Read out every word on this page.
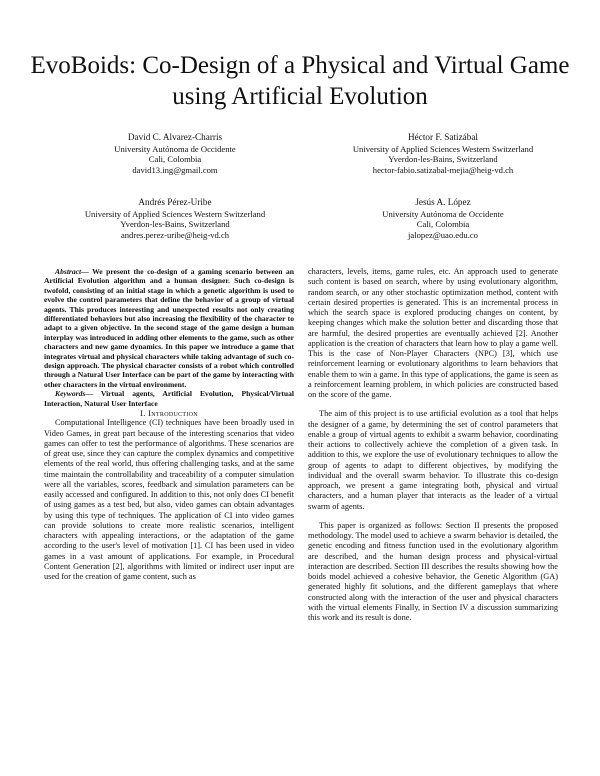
EvoBoids: Co-Design of a Physical and Virtual Game
using Artificial Evolution
David C. Alvarez-Charris
University Autónoma de Occidente
Cali, Colombia
david13.ing@gmail.com
Héctor F. Satizábal
University of Applied Sciences Western Switzerland
Yverdon-les-Bains, Switzerland
hector-fabio.satizabal-mejia@heig-vd.ch
Andrés Pérez-Uribe
University of Applied Sciences Western Switzerland
Yverdon-les-Bains, Switzerland
andres.perez-uribe@heig-vd.ch
Jesús A. López
University Autónoma de Occidente
Cali, Colombia
jalopez@uao.edu.co

Abstract— We present the co-design of a gaming scenario between an Artificial Evolution algorithm and a human designer. Such co-design is twofold, consisting of an initial stage in which a genetic algorithm is used to evolve the control parameters that define the behavior of a group of virtual agents. This produces interesting and unexpected results not only creating differentiated behaviors but also increasing the flexibility of the character to adapt to a given objective. In the second stage of the game design a human interplay was introduced in adding other elements to the game, such as other characters and new game dynamics. In this paper we introduce a game that integrates virtual and physical characters while taking advantage of such co-design approach. The physical character consists of a robot which controlled through a Natural User Interface can be part of the game by interacting with other characters in the virtual environment.

Keywords— Virtual agents, Artificial Evolution, Physical/Virtual Interaction, Natural User Interface

I. Introduction

Computational Intelligence (CI) techniques have been broadly used in Video Games, in great part because of the interesting scenarios that video games can offer to test the performance of algorithms. These scenarios are of great use, since they can capture the complex dynamics and competitive elements of the real world, thus offering challenging tasks, and at the same time maintain the controllability and traceability of a computer simulation were all the variables, scores, feedback and simulation parameters can be easily accessed and configured. In addition to this, not only does CI benefit of using games as a test bed, but also, video games can obtain advantages by using this type of techniques. The application of CI into video games can provide solutions to create more realistic scenarios, intelligent characters with appealing interactions, or the adaptation of the game according to the user's level of motivation [1]. CI has been used in video games in a vast amount of applications. For example, in Procedural Content Generation [2], algorithms with limited or indirect user input are used for the creation of game content, such as

characters, levels, items, game rules, etc. An approach used to generate such content is based on search, where by using evolutionary algorithm, random search, or any other stochastic optimization method, content with certain desired properties is generated. This is an incremental process in which the search space is explored producing changes on content, by keeping changes which make the solution better and discarding those that are harmful, the desired properties are eventually achieved [2]. Another application is the creation of characters that learn how to play a game well. This is the case of Non-Player Characters (NPC) [3], which use reinforcement learning or evolutionary algorithms to learn behaviors that enable them to win a game. In this type of applications, the game is seen as a reinforcement learning problem, in which policies are constructed based on the score of the game.

The aim of this project is to use artificial evolution as a tool that helps the designer of a game, by determining the set of control parameters that enable a group of virtual agents to exhibit a swarm behavior, coordinating their actions to collectively achieve the completion of a given task. In addition to this, we explore the use of evolutionary techniques to allow the group of agents to adapt to different objectives, by modifying the individual and the overall swarm behavior. To illustrate this co-design approach, we present a game integrating both, physical and virtual characters, and a human player that interacts as the leader of a virtual swarm of agents.

This paper is organized as follows: Section II presents the proposed methodology. The model used to achieve a swarm behavior is detailed, the genetic encoding and fitness function used in the evolutionary algorithm are described, and the human design process and physical-virtual interaction are described. Section III describes the results showing how the boids model achieved a cohesive behavior, the Genetic Algorithm (GA) generated highly fit solutions, and the different gameplays that where constructed along with the interaction of the user and physical characters with the virtual elements Finally, in Section IV a discussion summarizing this work and its result is done.
